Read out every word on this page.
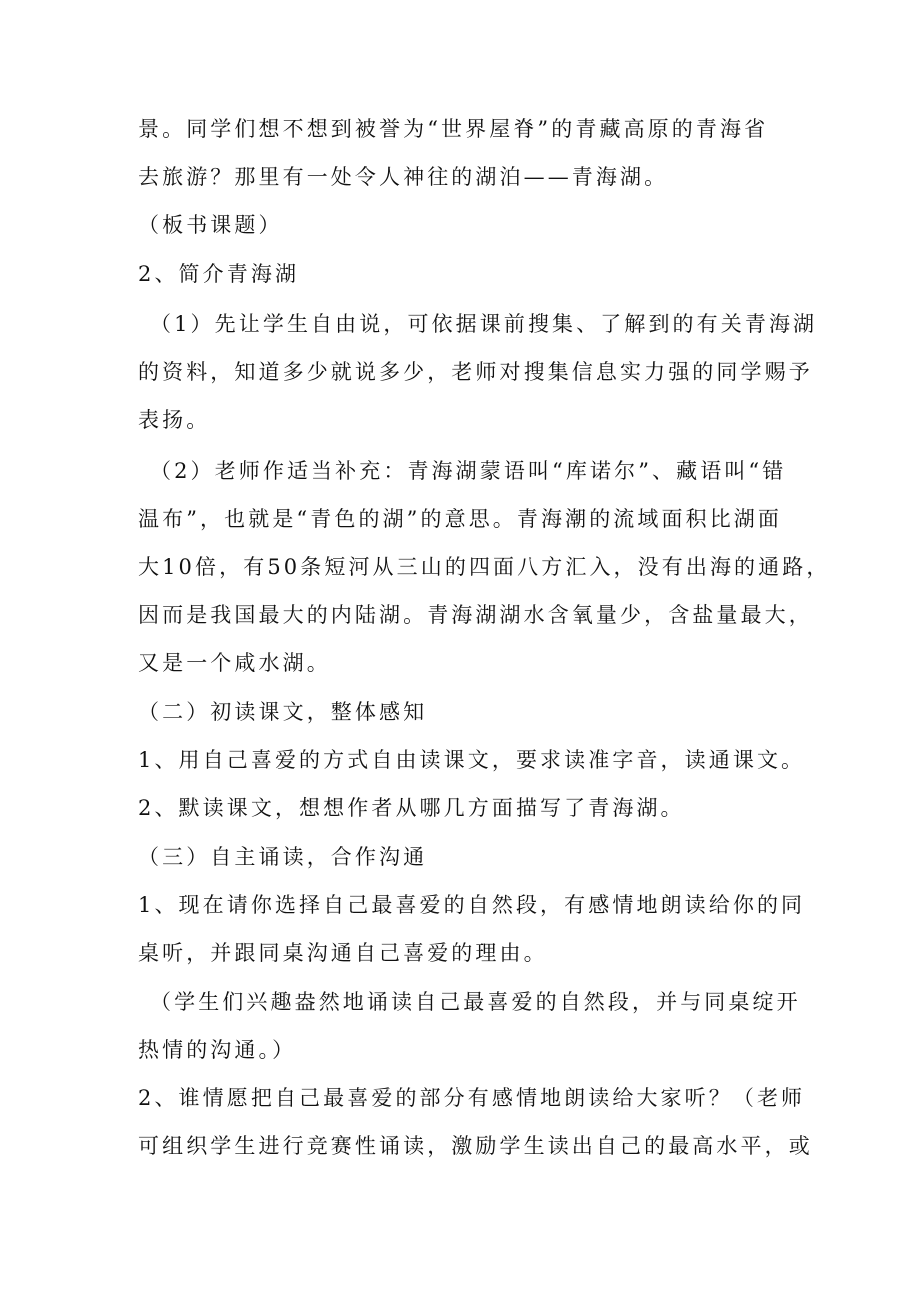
景。同学们想不想到被誉为“世界屋脊”的青藏高原的青海省
去旅游？那里有一处令人神往的湖泊——青海湖。
（板书课题）
2、简介青海湖
（1）先让学生自由说，可依据课前搜集、了解到的有关青海湖
的资料，知道多少就说多少，老师对搜集信息实力强的同学赐予
表扬。
（2）老师作适当补充：青海湖蒙语叫“库诺尔”、藏语叫“错
温布”，也就是“青色的湖”的意思。青海潮的流域面积比湖面
大10倍，有50条短河从三山的四面八方汇入，没有出海的通路，
因而是我国最大的内陆湖。青海湖湖水含氧量少，含盐量最大，
又是一个咸水湖。
（二）初读课文，整体感知
1、用自己喜爱的方式自由读课文，要求读准字音，读通课文。
2、默读课文，想想作者从哪几方面描写了青海湖。
（三）自主诵读，合作沟通
1、现在请你选择自己最喜爱的自然段，有感情地朗读给你的同
桌听，并跟同桌沟通自己喜爱的理由。
（学生们兴趣盎然地诵读自己最喜爱的自然段，并与同桌绽开
热情的沟通。）
2、谁情愿把自己最喜爱的部分有感情地朗读给大家听？（老师
可组织学生进行竞赛性诵读，激励学生读出自己的最高水平，或
